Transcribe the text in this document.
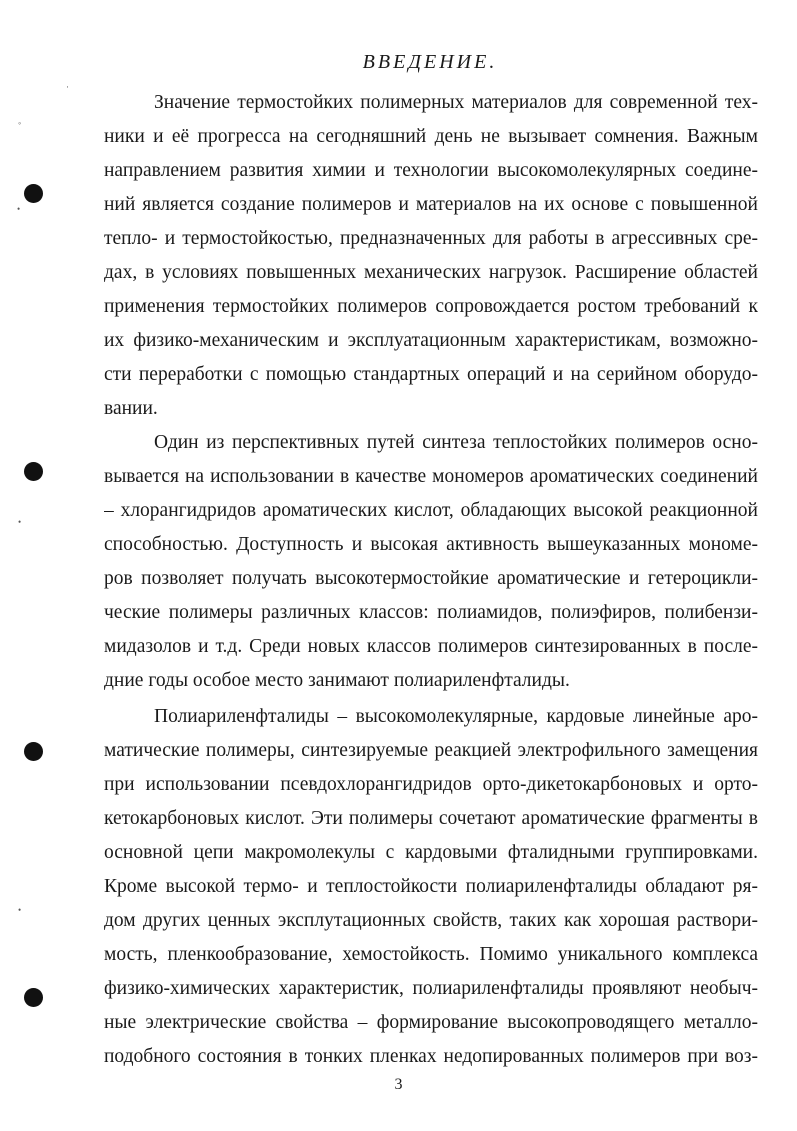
◦
·
•
•
•
ВВЕДЕНИЕ.
Значение термостойких полимерных материалов для современной тех-
ники и её прогресса на сегодняшний день не вызывает сомнения. Важным
направлением развития химии и технологии высокомолекулярных соедине-
ний является создание полимеров и материалов на их основе с повышенной
тепло- и термостойкостью, предназначенных для работы в агрессивных сре-
дах, в условиях повышенных механических нагрузок. Расширение областей
применения термостойких полимеров сопровождается ростом требований к
их физико-механическим и эксплуатационным характеристикам, возможно-
сти переработки с помощью стандартных операций и на серийном оборудо-
вании.
Один из перспективных путей синтеза теплостойких полимеров осно-
вывается на использовании в качестве мономеров ароматических соединений
– хлорангидридов ароматических кислот, обладающих высокой реакционной
способностью. Доступность и высокая активность вышеуказанных мономе-
ров позволяет получать высокотермостойкие ароматические и гетероцикли-
ческие полимеры различных классов: полиамидов, полиэфиров, полибензи-
мидазолов и т.д. Среди новых классов полимеров синтезированных в после-
дние годы особое место занимают полиариленфталиды.
Полиариленфталиды – высокомолекулярные, кардовые линейные аро-
матические полимеры, синтезируемые реакцией электрофильного замещения
при использовании псевдохлорангидридов орто-дикетокарбоновых и орто-
кетокарбоновых кислот. Эти полимеры сочетают ароматические фрагменты в
основной цепи макромолекулы с кардовыми фталидными группировками.
Кроме высокой термо- и теплостойкости полиариленфталиды обладают ря-
дом других ценных эксплутационных свойств, таких как хорошая раствори-
мость, пленкообразование, хемостойкость. Помимо уникального комплекса
физико-химических характеристик, полиариленфталиды проявляют необыч-
ные электрические свойства – формирование высокопроводящего металло-
подобного состояния в тонких пленках недопированных полимеров при воз-
3
